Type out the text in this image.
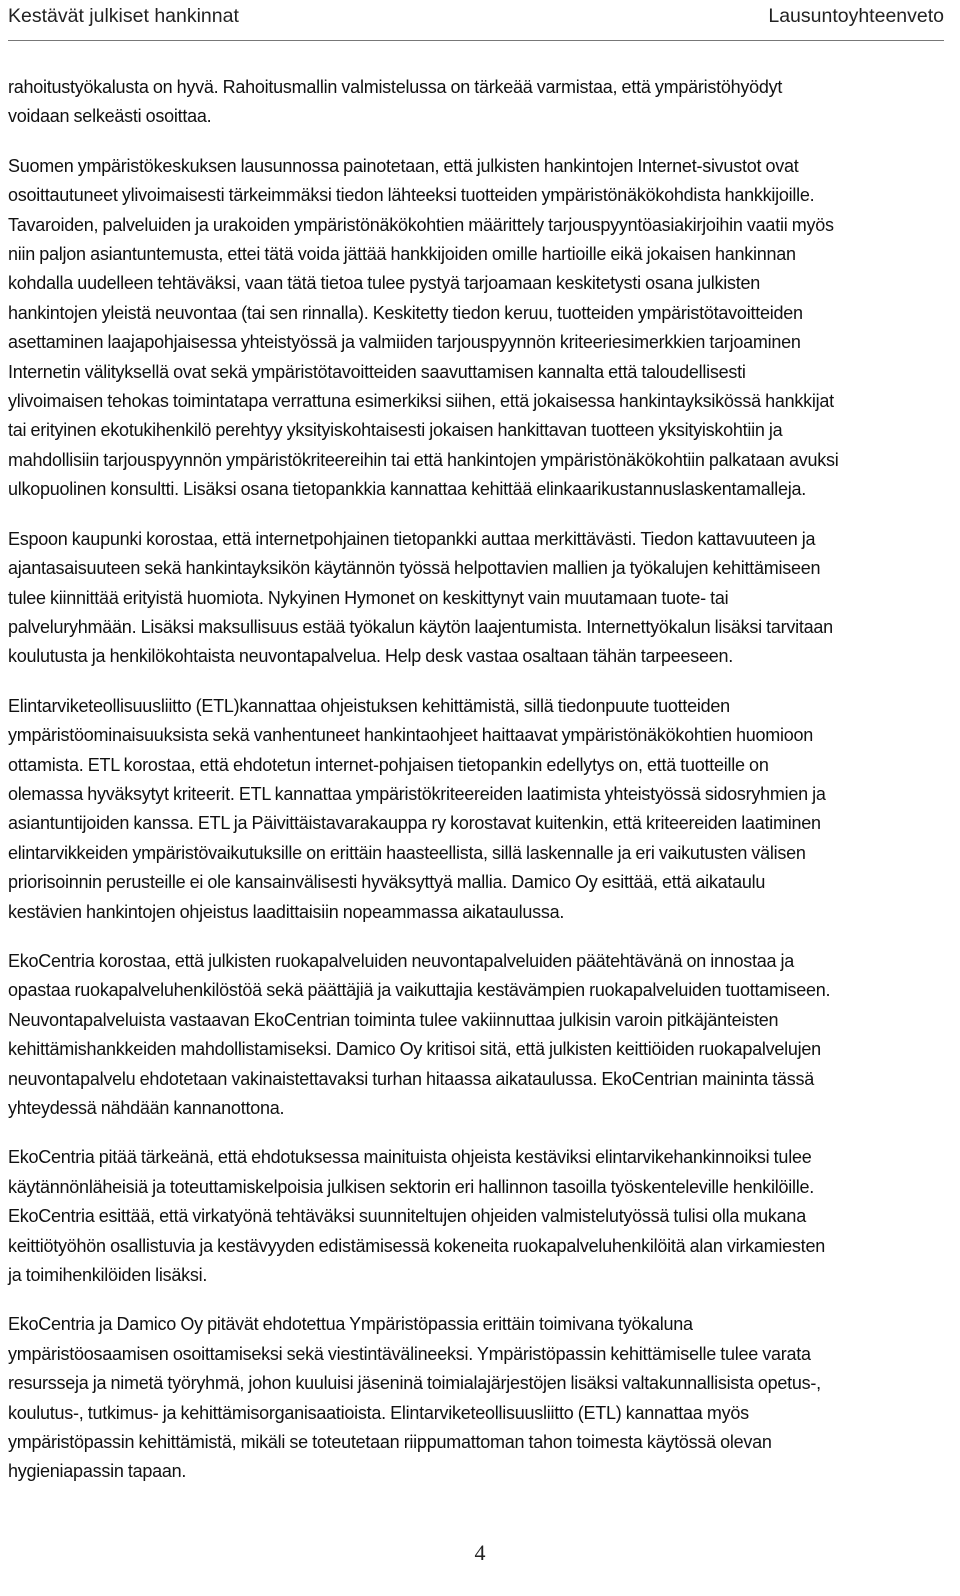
Kestävät julkiset hankinnat	Lausuntoyhteenveto

rahoitustyökalusta on hyvä. Rahoitusmallin valmistelussa on tärkeää varmistaa, että ympäristöhyödyt
voidaan selkeästi osoittaa.

Suomen ympäristökeskuksen lausunnossa painotetaan, että julkisten hankintojen Internet-sivustot ovat
osoittautuneet ylivoimaisesti tärkeimmäksi tiedon lähteeksi tuotteiden ympäristönäkökohdista hankkijoille.
Tavaroiden, palveluiden ja urakoiden ympäristönäkökohtien määrittely tarjouspyyntöasiakirjoihin vaatii myös
niin paljon asiantuntemusta, ettei tätä voida jättää hankkijoiden omille hartioille eikä jokaisen hankinnan
kohdalla uudelleen tehtäväksi, vaan tätä tietoa tulee pystyä tarjoamaan keskitetysti osana julkisten
hankintojen yleistä neuvontaa (tai sen rinnalla). Keskitetty tiedon keruu, tuotteiden ympäristötavoitteiden
asettaminen laajapohjaisessa yhteistyössä ja valmiiden tarjouspyynnön kriteeriesimerkkien tarjoaminen
Internetin välityksellä ovat sekä ympäristötavoitteiden saavuttamisen kannalta että taloudellisesti
ylivoimaisen tehokas toimintatapa verrattuna esimerkiksi siihen, että jokaisessa hankintayksikössä hankkijat
tai erityinen ekotukihenkilö perehtyy yksityiskohtaisesti jokaisen hankittavan tuotteen yksityiskohtiin ja
mahdollisiin tarjouspyynnön ympäristökriteereihin tai että hankintojen ympäristönäkökohtiin palkataan avuksi
ulkopuolinen konsultti. Lisäksi osana tietopankkia kannattaa kehittää elinkaarikustannuslaskentamalleja.

Espoon kaupunki korostaa, että internetpohjainen tietopankki auttaa merkittävästi. Tiedon kattavuuteen ja
ajantasaisuuteen sekä hankintayksikön käytännön työssä helpottavien mallien ja työkalujen kehittämiseen
tulee kiinnittää erityistä huomiota. Nykyinen Hymonet on keskittynyt vain muutamaan tuote- tai
palveluryhmään. Lisäksi maksullisuus estää työkalun käytön laajentumista. Internettyökalun lisäksi tarvitaan
koulutusta ja henkilökohtaista neuvontapalvelua. Help desk vastaa osaltaan tähän tarpeeseen.

Elintarviketeollisuusliitto (ETL)kannattaa ohjeistuksen kehittämistä, sillä tiedonpuute tuotteiden
ympäristöominaisuuksista sekä vanhentuneet hankintaohjeet haittaavat ympäristönäkökohtien huomioon
ottamista. ETL korostaa, että ehdotetun internet-pohjaisen tietopankin edellytys on, että tuotteille on
olemassa hyväksytyt kriteerit. ETL kannattaa ympäristökriteereiden laatimista yhteistyössä sidosryhmien ja
asiantuntijoiden kanssa. ETL ja Päivittäistavarakauppa ry korostavat kuitenkin, että kriteereiden laatiminen
elintarvikkeiden ympäristövaikutuksille on erittäin haasteellista, sillä laskennalle ja eri vaikutusten välisen
priorisoinnin perusteille ei ole kansainvälisesti hyväksyttyä mallia. Damico Oy esittää, että aikataulu
kestävien hankintojen ohjeistus laadittaisiin nopeammassa aikataulussa.

EkoCentria korostaa, että julkisten ruokapalveluiden neuvontapalveluiden päätehtävänä on innostaa ja
opastaa ruokapalveluhenkilöstöä sekä päättäjiä ja vaikuttajia kestävämpien ruokapalveluiden tuottamiseen.
Neuvontapalveluista vastaavan EkoCentrian toiminta tulee vakiinnuttaa julkisin varoin pitkäjänteisten
kehittämishankkeiden mahdollistamiseksi. Damico Oy kritisoi sitä, että julkisten keittiöiden ruokapalvelujen
neuvontapalvelu ehdotetaan vakinaistettavaksi turhan hitaassa aikataulussa. EkoCentrian maininta tässä
yhteydessä nähdään kannanottona.

EkoCentria pitää tärkeänä, että ehdotuksessa mainituista ohjeista kestäviksi elintarvikehankinnoiksi tulee
käytännönläheisiä ja toteuttamiskelpoisia julkisen sektorin eri hallinnon tasoilla työskenteleville henkilöille.
EkoCentria esittää, että virkatyönä tehtäväksi suunniteltujen ohjeiden valmistelutyössä tulisi olla mukana
keittiötyöhön osallistuvia ja kestävyyden edistämisessä kokeneita ruokapalveluhenkilöitä alan virkamiesten
ja toimihenkilöiden lisäksi.

EkoCentria ja Damico Oy pitävät ehdotettua Ympäristöpassia erittäin toimivana työkaluna
ympäristöosaamisen osoittamiseksi sekä viestintävälineeksi. Ympäristöpassin kehittämiselle tulee varata
resursseja ja nimetä työryhmä, johon kuuluisi jäseninä toimialajärjestöjen lisäksi valtakunnallisista opetus-,
koulutus-, tutkimus- ja kehittämisorganisaatioista. Elintarviketeollisuusliitto (ETL) kannattaa myös
ympäristöpassin kehittämistä, mikäli se toteutetaan riippumattoman tahon toimesta käytössä olevan
hygieniapassin tapaan.

4
